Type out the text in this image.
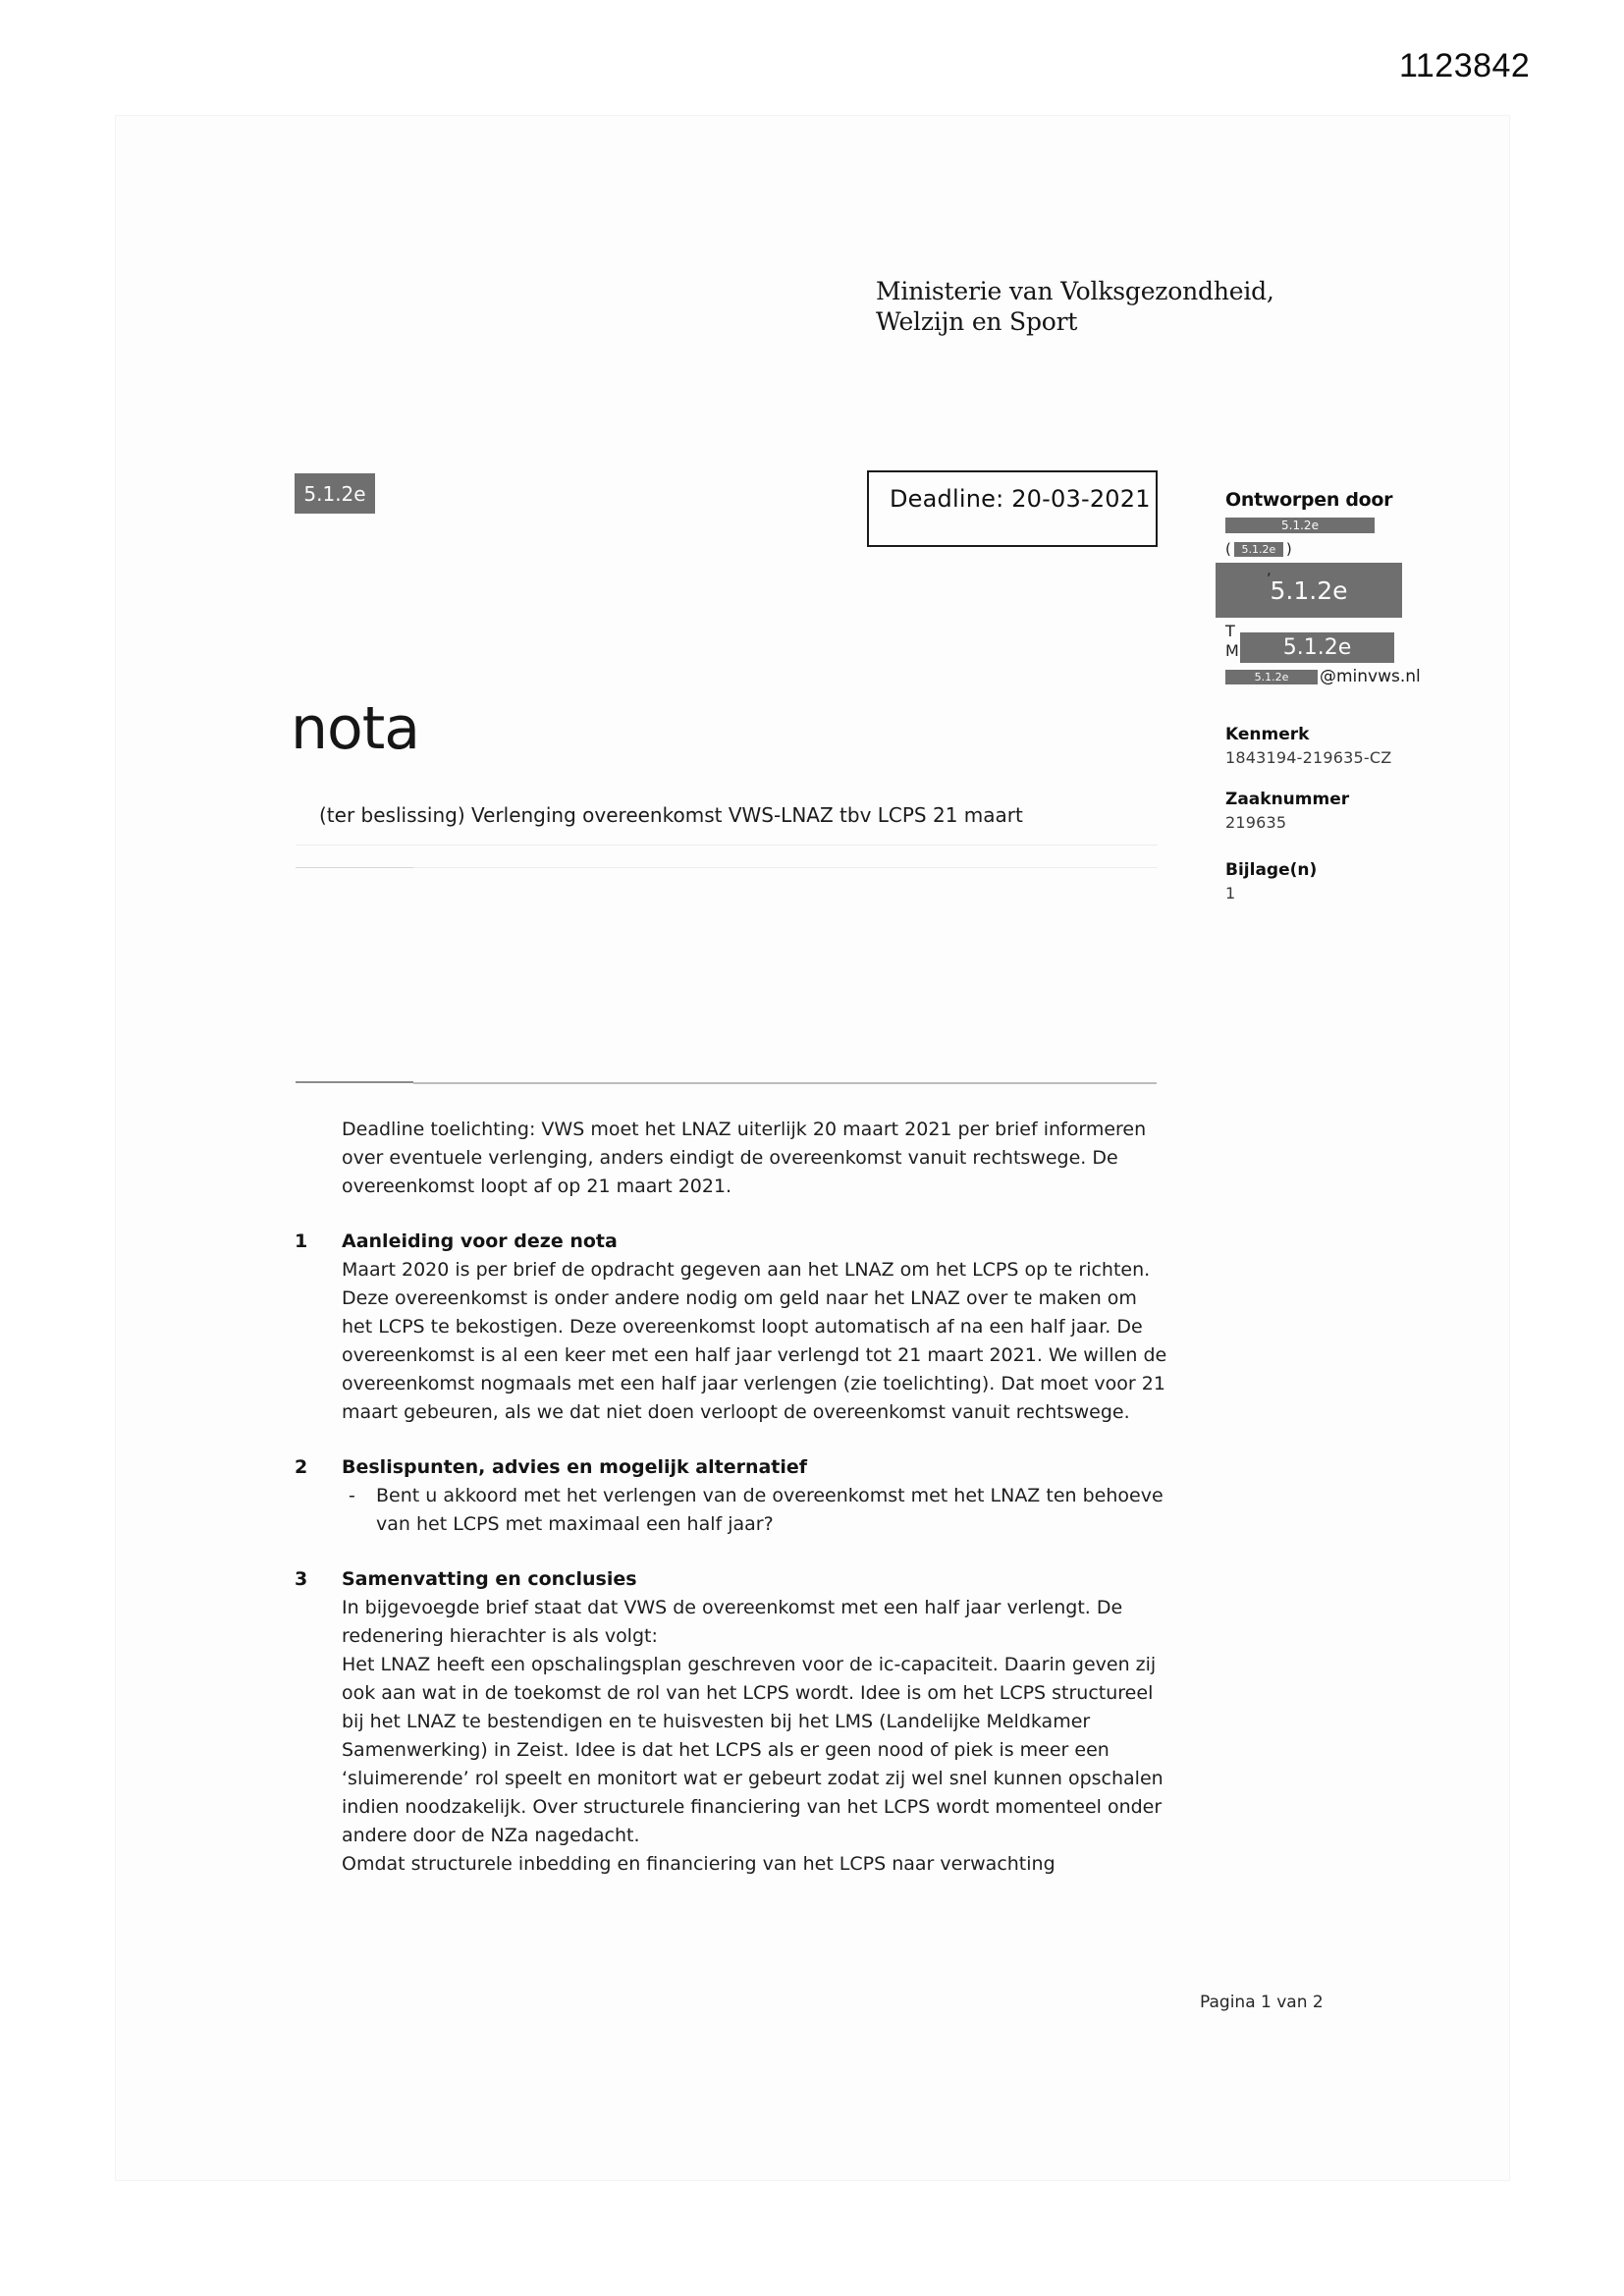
1123842
Ministerie van Volksgezondheid,
Welzijn en Sport
5.1.2e	Deadline: 20-03-2021	Ontworpen door
5.1.2e
,
( 5.1.2e )
5.1.2e
T
M	5.1.2e
5.1.2e	@minvws.nl
Kenmerk
1843194-219635-CZ
Zaaknummer
219635
Bijlage(n)
1
nota
(ter beslissing) Verlenging overeenkomst VWS-LNAZ tbv LCPS 21 maart

Deadline toelichting: VWS moet het LNAZ uiterlijk 20 maart 2021 per brief informeren over eventuele verlenging, anders eindigt de overeenkomst vanuit rechtswege. De overeenkomst loopt af op 21 maart 2021.

1 Aanleiding voor deze nota

Maart 2020 is per brief de opdracht gegeven aan het LNAZ om het LCPS op te richten. Deze overeenkomst is onder andere nodig om geld naar het LNAZ over te maken om het LCPS te bekostigen. Deze overeenkomst loopt automatisch af na een half jaar. De overeenkomst is al een keer met een half jaar verlengd tot 21 maart 2021. We willen de overeenkomst nogmaals met een half jaar verlengen (zie toelichting). Dat moet voor 21 maart gebeuren, als we dat niet doen verloopt de overeenkomst vanuit rechtswege.

2 Beslispunten, advies en mogelijk alternatief
- Bent u akkoord met het verlengen van de overeenkomst met het LNAZ ten behoeve van het LCPS met maximaal een half jaar?
3 Samenvatting en conclusies

In bijgevoegde brief staat dat VWS de overeenkomst met een half jaar verlengt. De redenering hierachter is als volgt:

Het LNAZ heeft een opschalingsplan geschreven voor de ic-capaciteit. Daarin geven zij ook aan wat in de toekomst de rol van het LCPS wordt. Idee is om het LCPS structureel bij het LNAZ te bestendigen en te huisvesten bij het LMS (Landelijke Meldkamer Samenwerking) in Zeist. Idee is dat het LCPS als er geen nood of piek is meer een ‘sluimerende’ rol speelt en monitort wat er gebeurt zodat zij wel snel kunnen opschalen indien noodzakelijk. Over structurele financiering van het LCPS wordt momenteel onder andere door de NZa nagedacht.

Omdat structurele inbedding en financiering van het LCPS naar verwachting

Pagina 1 van 2
